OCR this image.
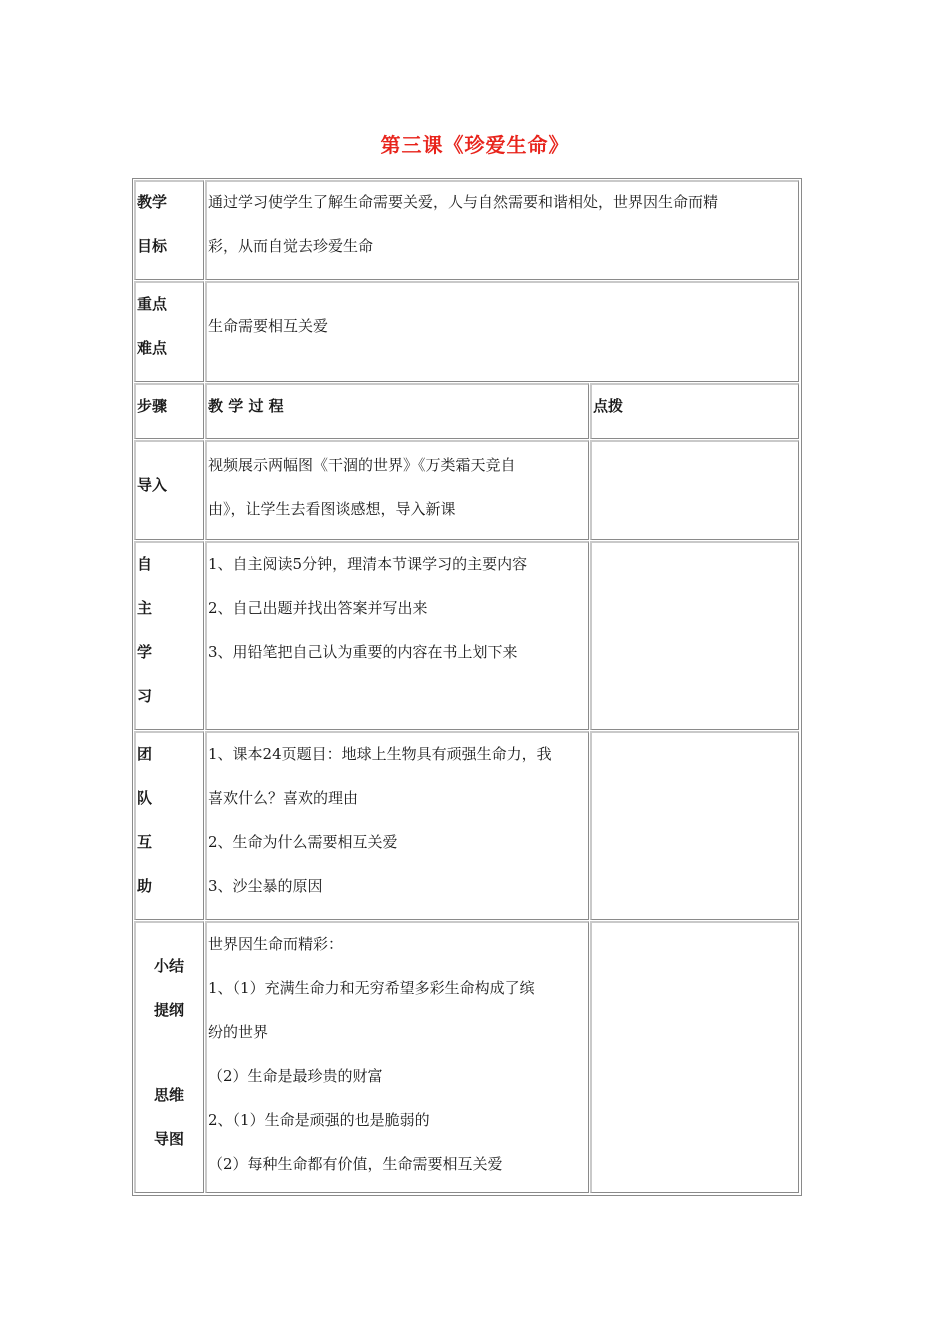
第三课《珍爱生命》
教学
目标
通过学习使学生了解生命需要关爱，人与自然需要和谐相处，世界因生命而精
彩，从而自觉去珍爱生命
重点
难点
生命需要相互关爱
步骤	教 学 过 程	点拨
导入
视频展示两幅图《干涸的世界》《万类霜天竞自
由》，让学生去看图谈感想，导入新课
自
主
学
习
1、自主阅读5分钟，理清本节课学习的主要内容
2、自己出题并找出答案并写出来
3、用铅笔把自己认为重要的内容在书上划下来
团
队
互
助
1、课本24页题目：地球上生物具有顽强生命力，我
喜欢什么？喜欢的理由
2、生命为什么需要相互关爱
3、沙尘暴的原因
小结
提纲
思维
导图
世界因生命而精彩：
1、（1）充满生命力和无穷希望多彩生命构成了缤
纷的世界
（2）生命是最珍贵的财富
2、（1）生命是顽强的也是脆弱的
（2）每种生命都有价值，生命需要相互关爱
